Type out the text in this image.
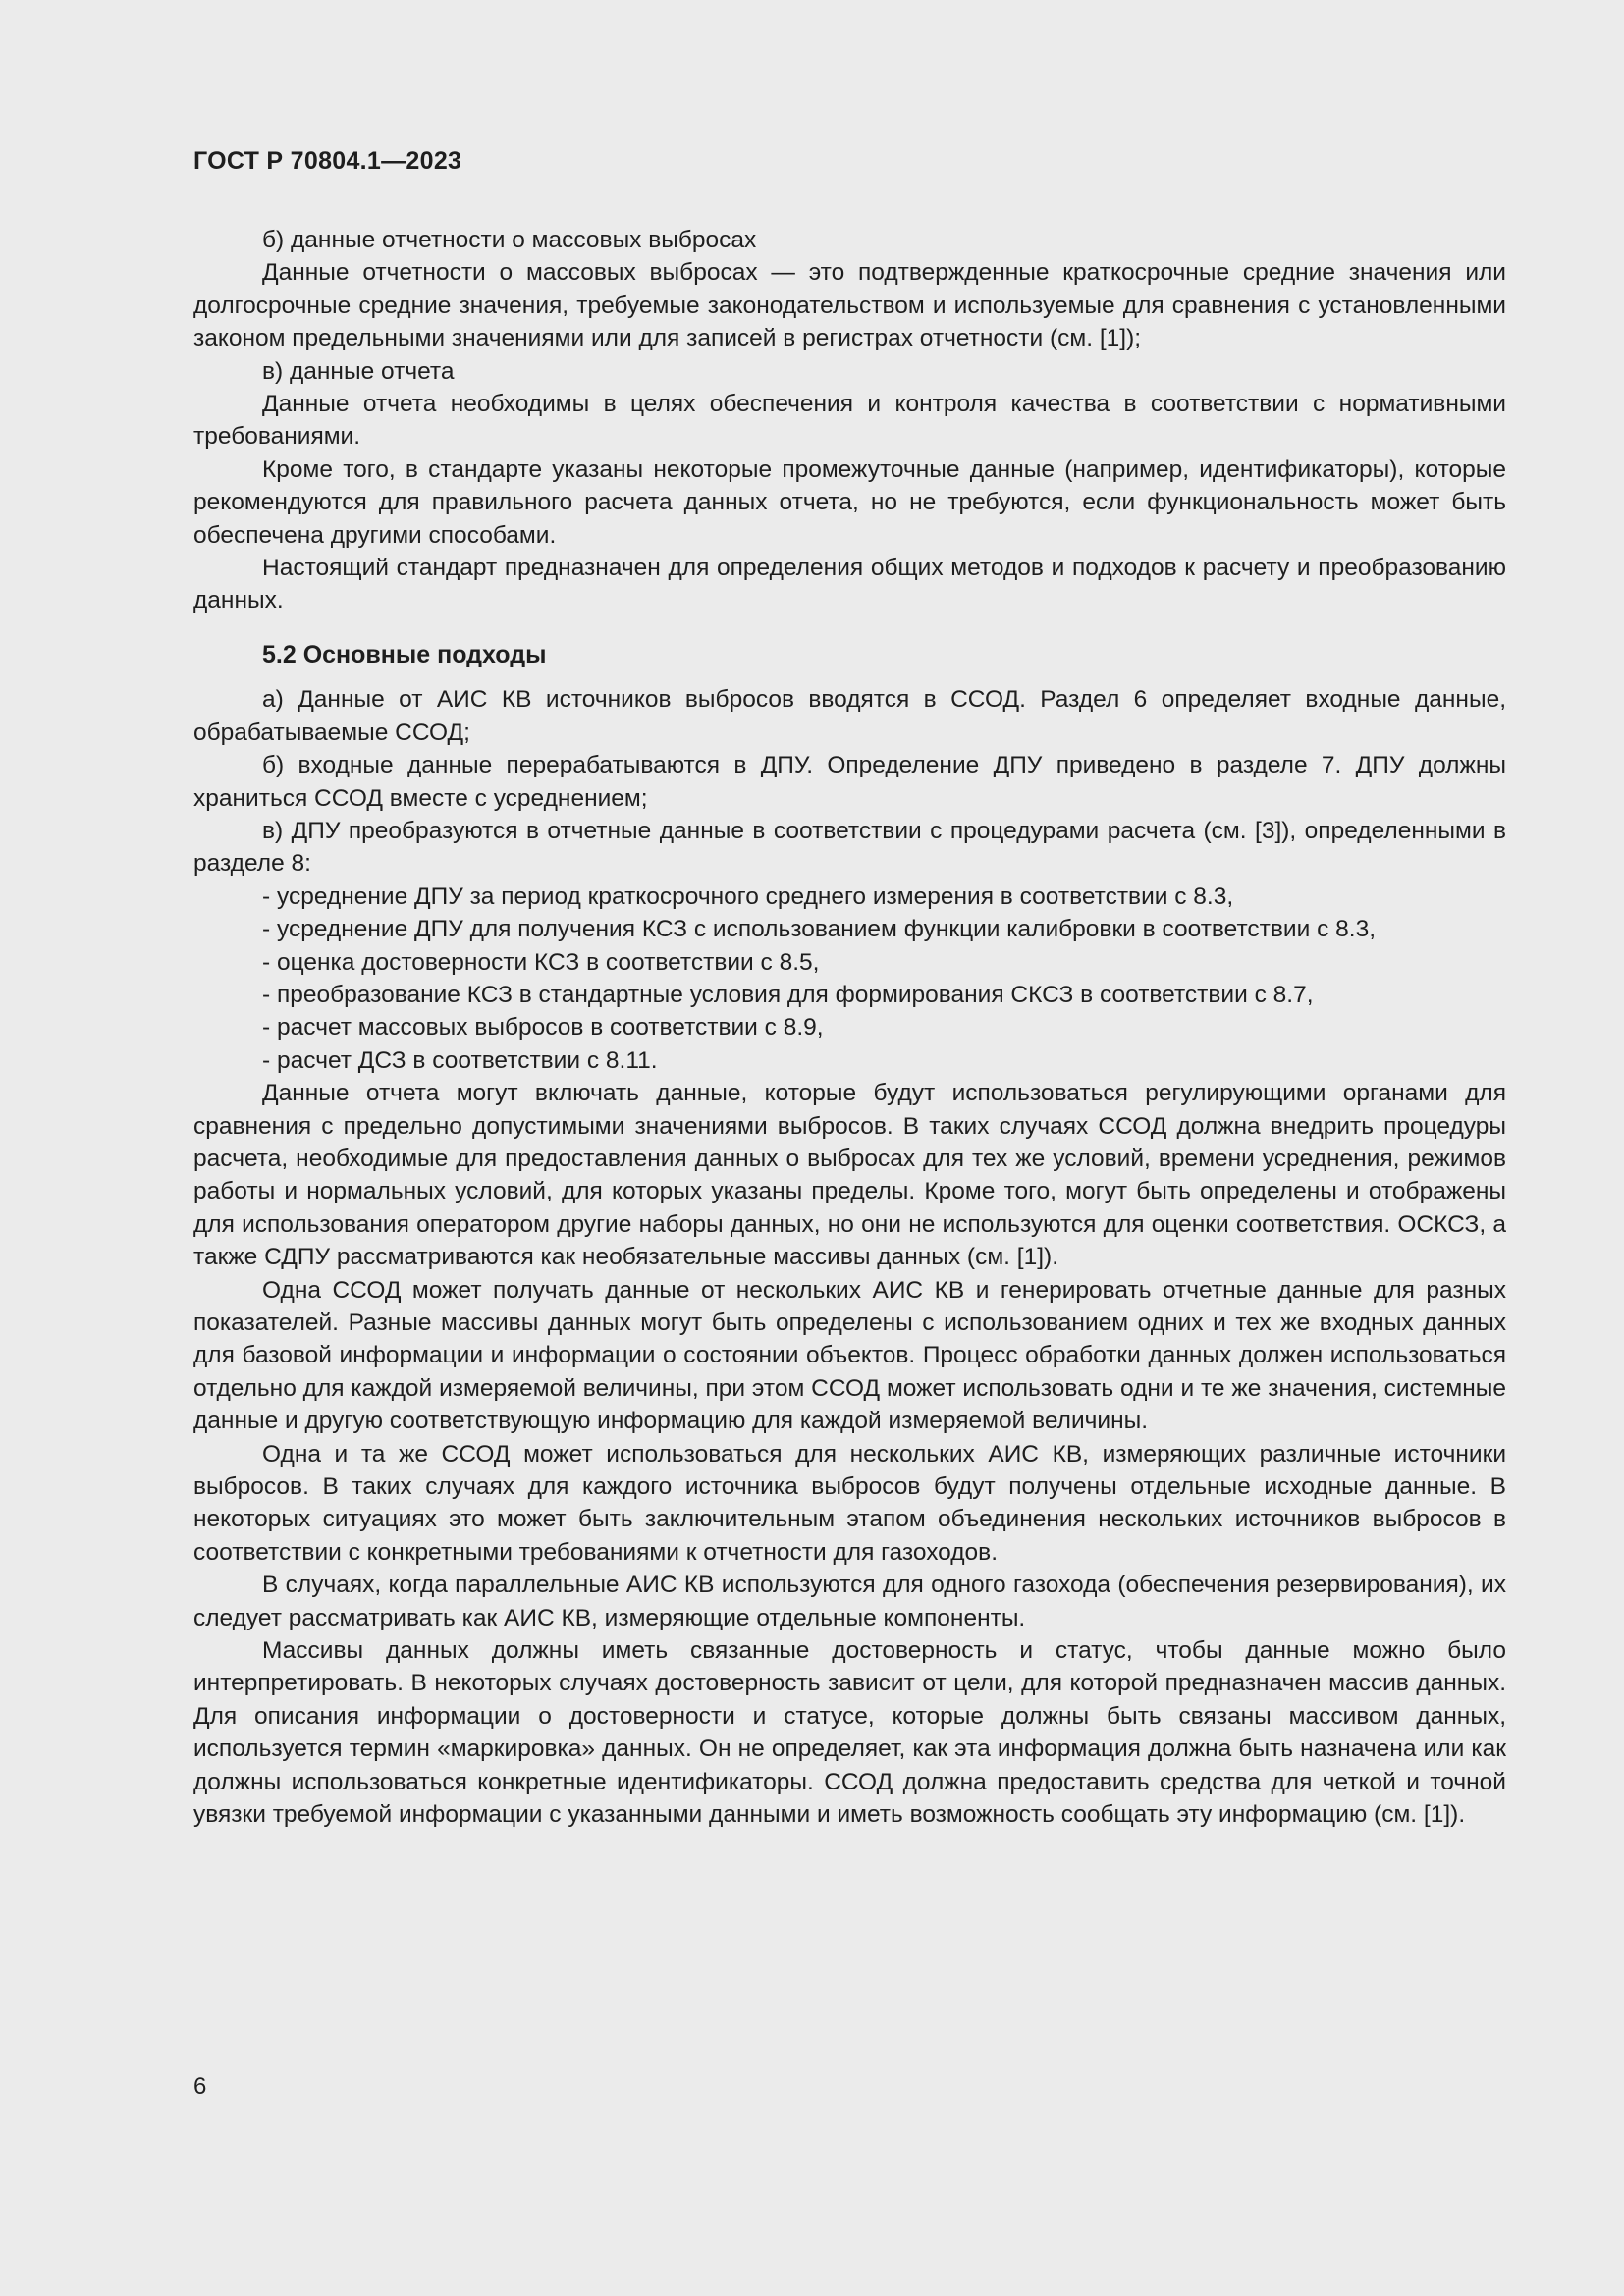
ГОСТ Р 70804.1—2023

б) данные отчетности о массовых выбросах

Данные отчетности о массовых выбросах — это подтвержденные краткосрочные средние значения или долгосрочные средние значения, требуемые законодательством и используемые для сравнения с установленными законом предельными значениями или для записей в регистрах отчетности (см. [1]);

в) данные отчета

Данные отчета необходимы в целях обеспечения и контроля качества в соответствии с нормативными требованиями.

Кроме того, в стандарте указаны некоторые промежуточные данные (например, идентификаторы), которые рекомендуются для правильного расчета данных отчета, но не требуются, если функциональность может быть обеспечена другими способами.

Настоящий стандарт предназначен для определения общих методов и подходов к расчету и преобразованию данных.

5.2 Основные подходы

а) Данные от АИС КВ источников выбросов вводятся в ССОД. Раздел 6 определяет входные данные, обрабатываемые ССОД;

б) входные данные перерабатываются в ДПУ. Определение ДПУ приведено в разделе 7. ДПУ должны храниться ССОД вместе с усреднением;

в) ДПУ преобразуются в отчетные данные в соответствии с процедурами расчета (см. [3]), определенными в разделе 8:

- усреднение ДПУ за период краткосрочного среднего измерения в соответствии с 8.3,

- усреднение ДПУ для получения КСЗ с использованием функции калибровки в соответствии с 8.3,

- оценка достоверности КСЗ в соответствии с 8.5,

- преобразование КСЗ в стандартные условия для формирования СКСЗ в соответствии с 8.7,

- расчет массовых выбросов в соответствии с 8.9,

- расчет ДСЗ в соответствии с 8.11.

Данные отчета могут включать данные, которые будут использоваться регулирующими органами для сравнения с предельно допустимыми значениями выбросов. В таких случаях ССОД должна внедрить процедуры расчета, необходимые для предоставления данных о выбросах для тех же условий, времени усреднения, режимов работы и нормальных условий, для которых указаны пределы. Кроме того, могут быть определены и отображены для использования оператором другие наборы данных, но они не используются для оценки соответствия. ОСКСЗ, а также СДПУ рассматриваются как необязательные массивы данных (см. [1]).

Одна ССОД может получать данные от нескольких АИС КВ и генерировать отчетные данные для разных показателей. Разные массивы данных могут быть определены с использованием одних и тех же входных данных для базовой информации и информации о состоянии объектов. Процесс обработки данных должен использоваться отдельно для каждой измеряемой величины, при этом ССОД может использовать одни и те же значения, системные данные и другую соответствующую информацию для каждой измеряемой величины.

Одна и та же ССОД может использоваться для нескольких АИС КВ, измеряющих различные источники выбросов. В таких случаях для каждого источника выбросов будут получены отдельные исходные данные. В некоторых ситуациях это может быть заключительным этапом объединения нескольких источников выбросов в соответствии с конкретными требованиями к отчетности для газоходов.

В случаях, когда параллельные АИС КВ используются для одного газохода (обеспечения резервирования), их следует рассматривать как АИС КВ, измеряющие отдельные компоненты.

Массивы данных должны иметь связанные достоверность и статус, чтобы данные можно было интерпретировать. В некоторых случаях достоверность зависит от цели, для которой предназначен массив данных. Для описания информации о достоверности и статусе, которые должны быть связаны массивом данных, используется термин «маркировка» данных. Он не определяет, как эта информация должна быть назначена или как должны использоваться конкретные идентификаторы. ССОД должна предоставить средства для четкой и точной увязки требуемой информации с указанными данными и иметь возможность сообщать эту информацию (см. [1]).

6
